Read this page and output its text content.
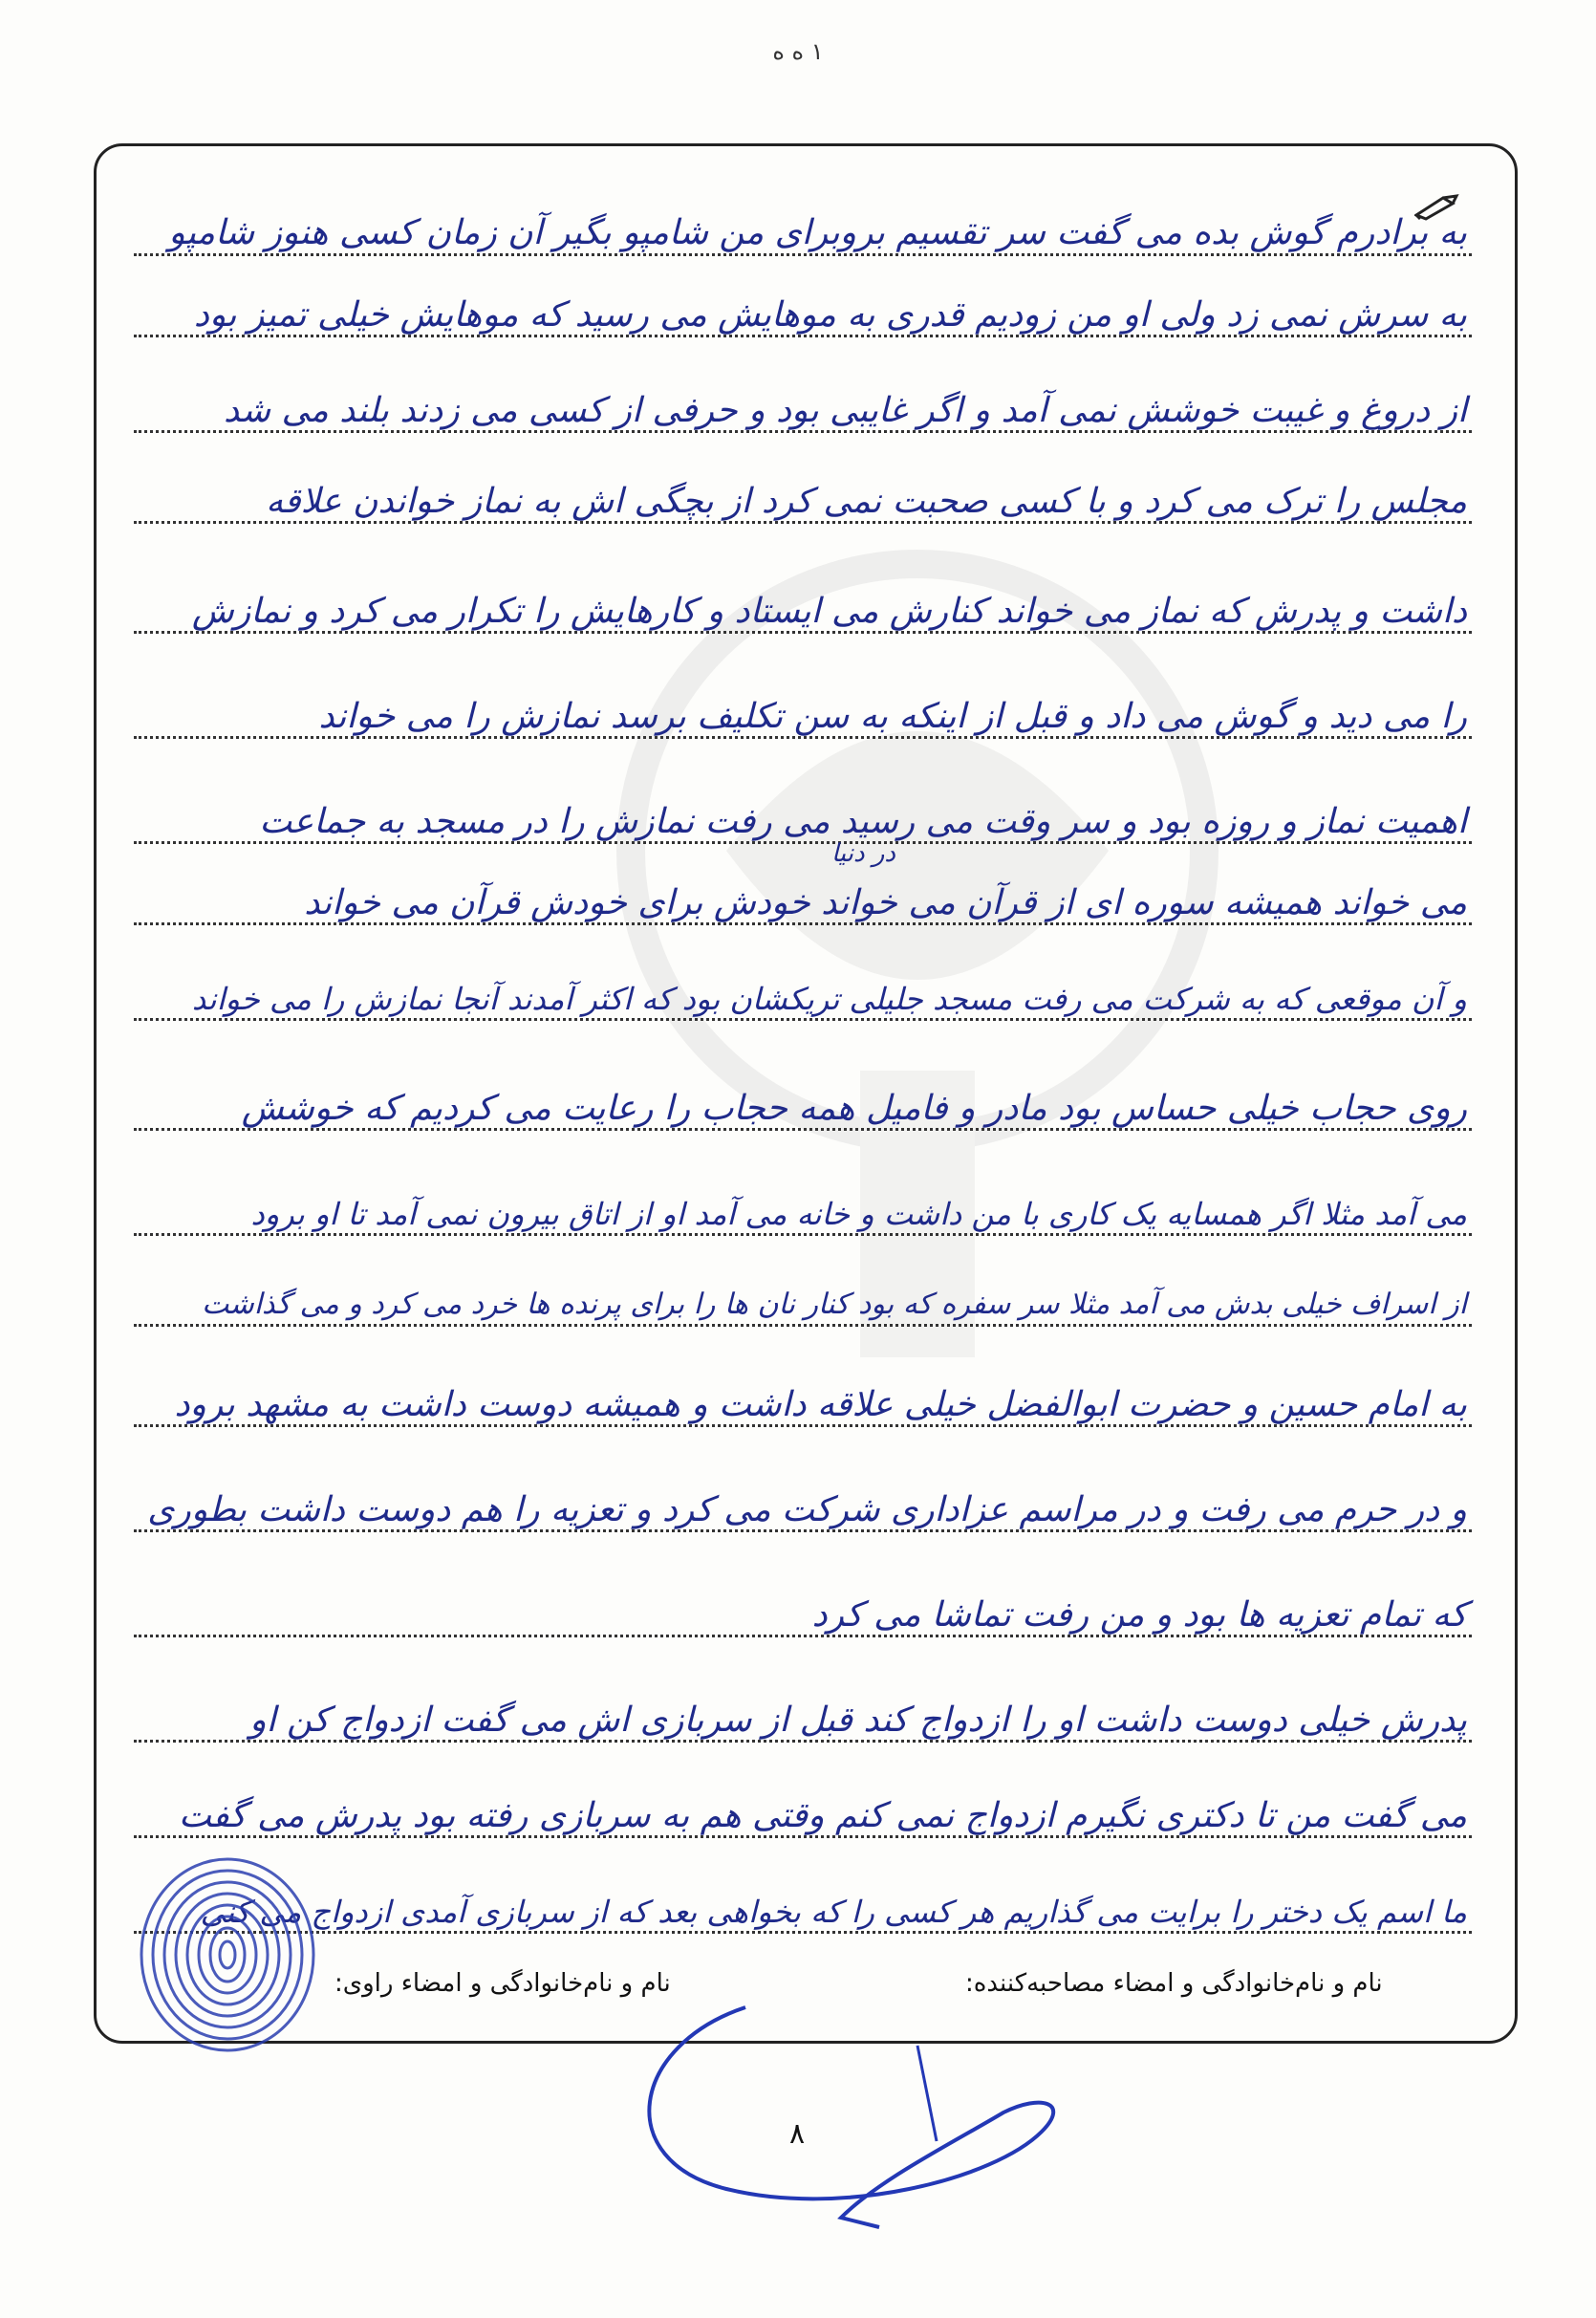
۱ ه ه
به برادرم گوش بده می گفت سر تقسیم بروبرای من شامپو بگیر آن زمان کسی هنوز شامپو
به سرش نمی زد ولی او من زودیم قدری به موهایش می رسید که موهایش خیلی تمیز بود
از دروغ و غیبت خوشش نمی آمد و اگر غایبی بود و حرفی از کسی می زدند بلند می شد
مجلس را ترک می کرد و با کسی صحبت نمی کرد از بچگی اش به نماز خواندن علاقه
داشت و پدرش که نماز می خواند کنارش می ایستاد و کارهایش را تکرار می کرد و نمازش
را می دید و گوش می داد و قبل از اینکه به سن تکلیف برسد نمازش را می خواند
اهمیت نماز و روزه بود و سر وقت می رسید می رفت نمازش را در مسجد به جماعت
در دنیا
می خواند همیشه سوره ای از قرآن می خواند خودش برای خودش قرآن می خواند
و آن موقعی که به شرکت می رفت مسجد جلیلی تریکشان بود که اکثر آمدند آنجا نمازش را می خواند
روی حجاب خیلی حساس بود مادر و فامیل همه حجاب را رعایت می کردیم که خوشش
می آمد مثلا اگر همسایه یک کاری با من داشت و خانه می آمد او از اتاق بیرون نمی آمد تا او برود
از اسراف خیلی بدش می آمد مثلا سر سفره که بود کنار نان ها را برای پرنده ها خرد می کرد و می گذاشت
به امام حسین و حضرت ابوالفضل خیلی علاقه داشت و همیشه دوست داشت به مشهد برود
و در حرم می رفت و در مراسم عزاداری شرکت می کرد و تعزیه را هم دوست داشت بطوری
که تمام تعزیه ها بود و من رفت تماشا می کرد
پدرش خیلی دوست داشت او را ازدواج کند قبل از سربازی اش می گفت ازدواج کن او
می گفت من تا دکتری نگیرم ازدواج نمی کنم وقتی هم به سربازی رفته بود پدرش می گفت
ما اسم یک دختر را برایت می گذاریم هر کسی را که بخواهی بعد که از سربازی آمدی ازدواج می کنی
نام و نام‌خانوادگی و امضاء مصاحبه‌کننده:
نام و نام‌خانوادگی و امضاء راوی:
۸
